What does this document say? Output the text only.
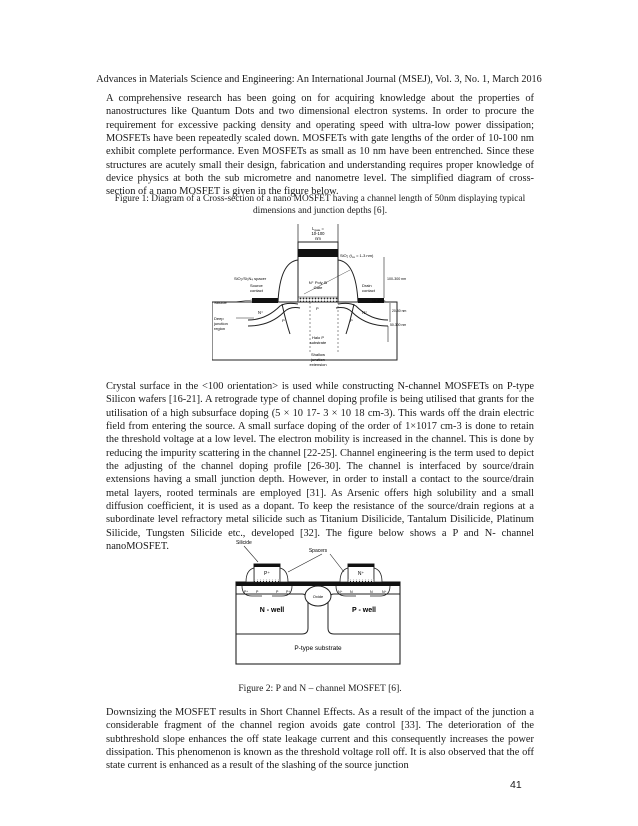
Advances in Materials Science and Engineering: An International Journal (MSEJ), Vol. 3, No. 1, March 2016

A comprehensive research has been going on for acquiring knowledge about the properties of nanostructures like Quantum Dots and two dimensional electron systems. In order to procure the requirement for excessive packing density and operating speed with ultra-low power dissipation; MOSFETs have been repeatedly scaled down. MOSFETs with gate lengths of the order of 10-100 nm exhibit complete performance. Even MOSFETs as small as 10 nm have been entrenched. Since these structures are acutely small their design, fabrication and understanding requires proper knowledge of device physics at both the sub micrometre and nanometre level. The simplified diagram of cross- section of a nano MOSFET is given in the figure below.

Figure 1: Diagram of a Cross-section of a nano MOSFET having a channel length of 50nm displaying typical dimensions and junction depths [6].
$L_{gate}$ =
10-100
nm
SiO₂ ($t_{ox} = 1-3$ nm)
SiO₂/Si₃N₄ spacer
N⁺ Poly Si
Gate
Source
contact
Drain
contact
100-300 nm
Silicide	10-40nm
20-50 nm
50-300 nm
N⁺	N⁺
P
P
P
Deep
junction
region
Halo P
substrate
Shallow
junction
extension

Crystal surface in the <100 orientation> is used while constructing N-channel MOSFETs on P-type Silicon wafers [16-21]. A retrograde type of channel doping profile is being utilised that grants for the utilisation of a high subsurface doping (5 × 10 17- 3 × 10 18 cm-3). This wards off the drain electric field from entering the source. A small surface doping of the order of 1×1017 cm-3 is done to retain the threshold voltage at a low level. The electron mobility is increased in the channel. This is done by reducing the impurity scattering in the channel [22-25]. Channel engineering is the term used to depict the adjusting of the channel doping profile [26-30]. The channel is interfaced by source/drain extensions having a small junction depth. However, in order to install a contact to the source/drain metal layers, rooted terminals are employed [31]. As Arsenic offers high solubility and a small diffusion coefficient, it is used as a dopant. To keep the resistance of the source/drain regions at a subordinate level refractory metal silicide such as Titanium Disilicide, Tantalum Disilicide, Platinum Silicide, Tungsten Silicide etc., developed [32]. The figure below shows a P and N- channel nanoMOSFET.	Silicide
Spacers
P⁺	N⁺
P⁺ P	P P⁺	N⁺ N	N	N⁺
Oxide
N - well	P - well
P-type substrate
Figure 2: P and N – channel MOSFET [6].

Downsizing the MOSFET results in Short Channel Effects. As a result of the impact of the junction a considerable fragment of the channel region avoids gate control [33]. The deterioration of the subthreshold slope enhances the off state leakage current and this consequently increases the power dissipation. This phenomenon is known as the threshold voltage roll off. It is also observed that the off state current is enhanced as a result of the slashing of the source junction

41
